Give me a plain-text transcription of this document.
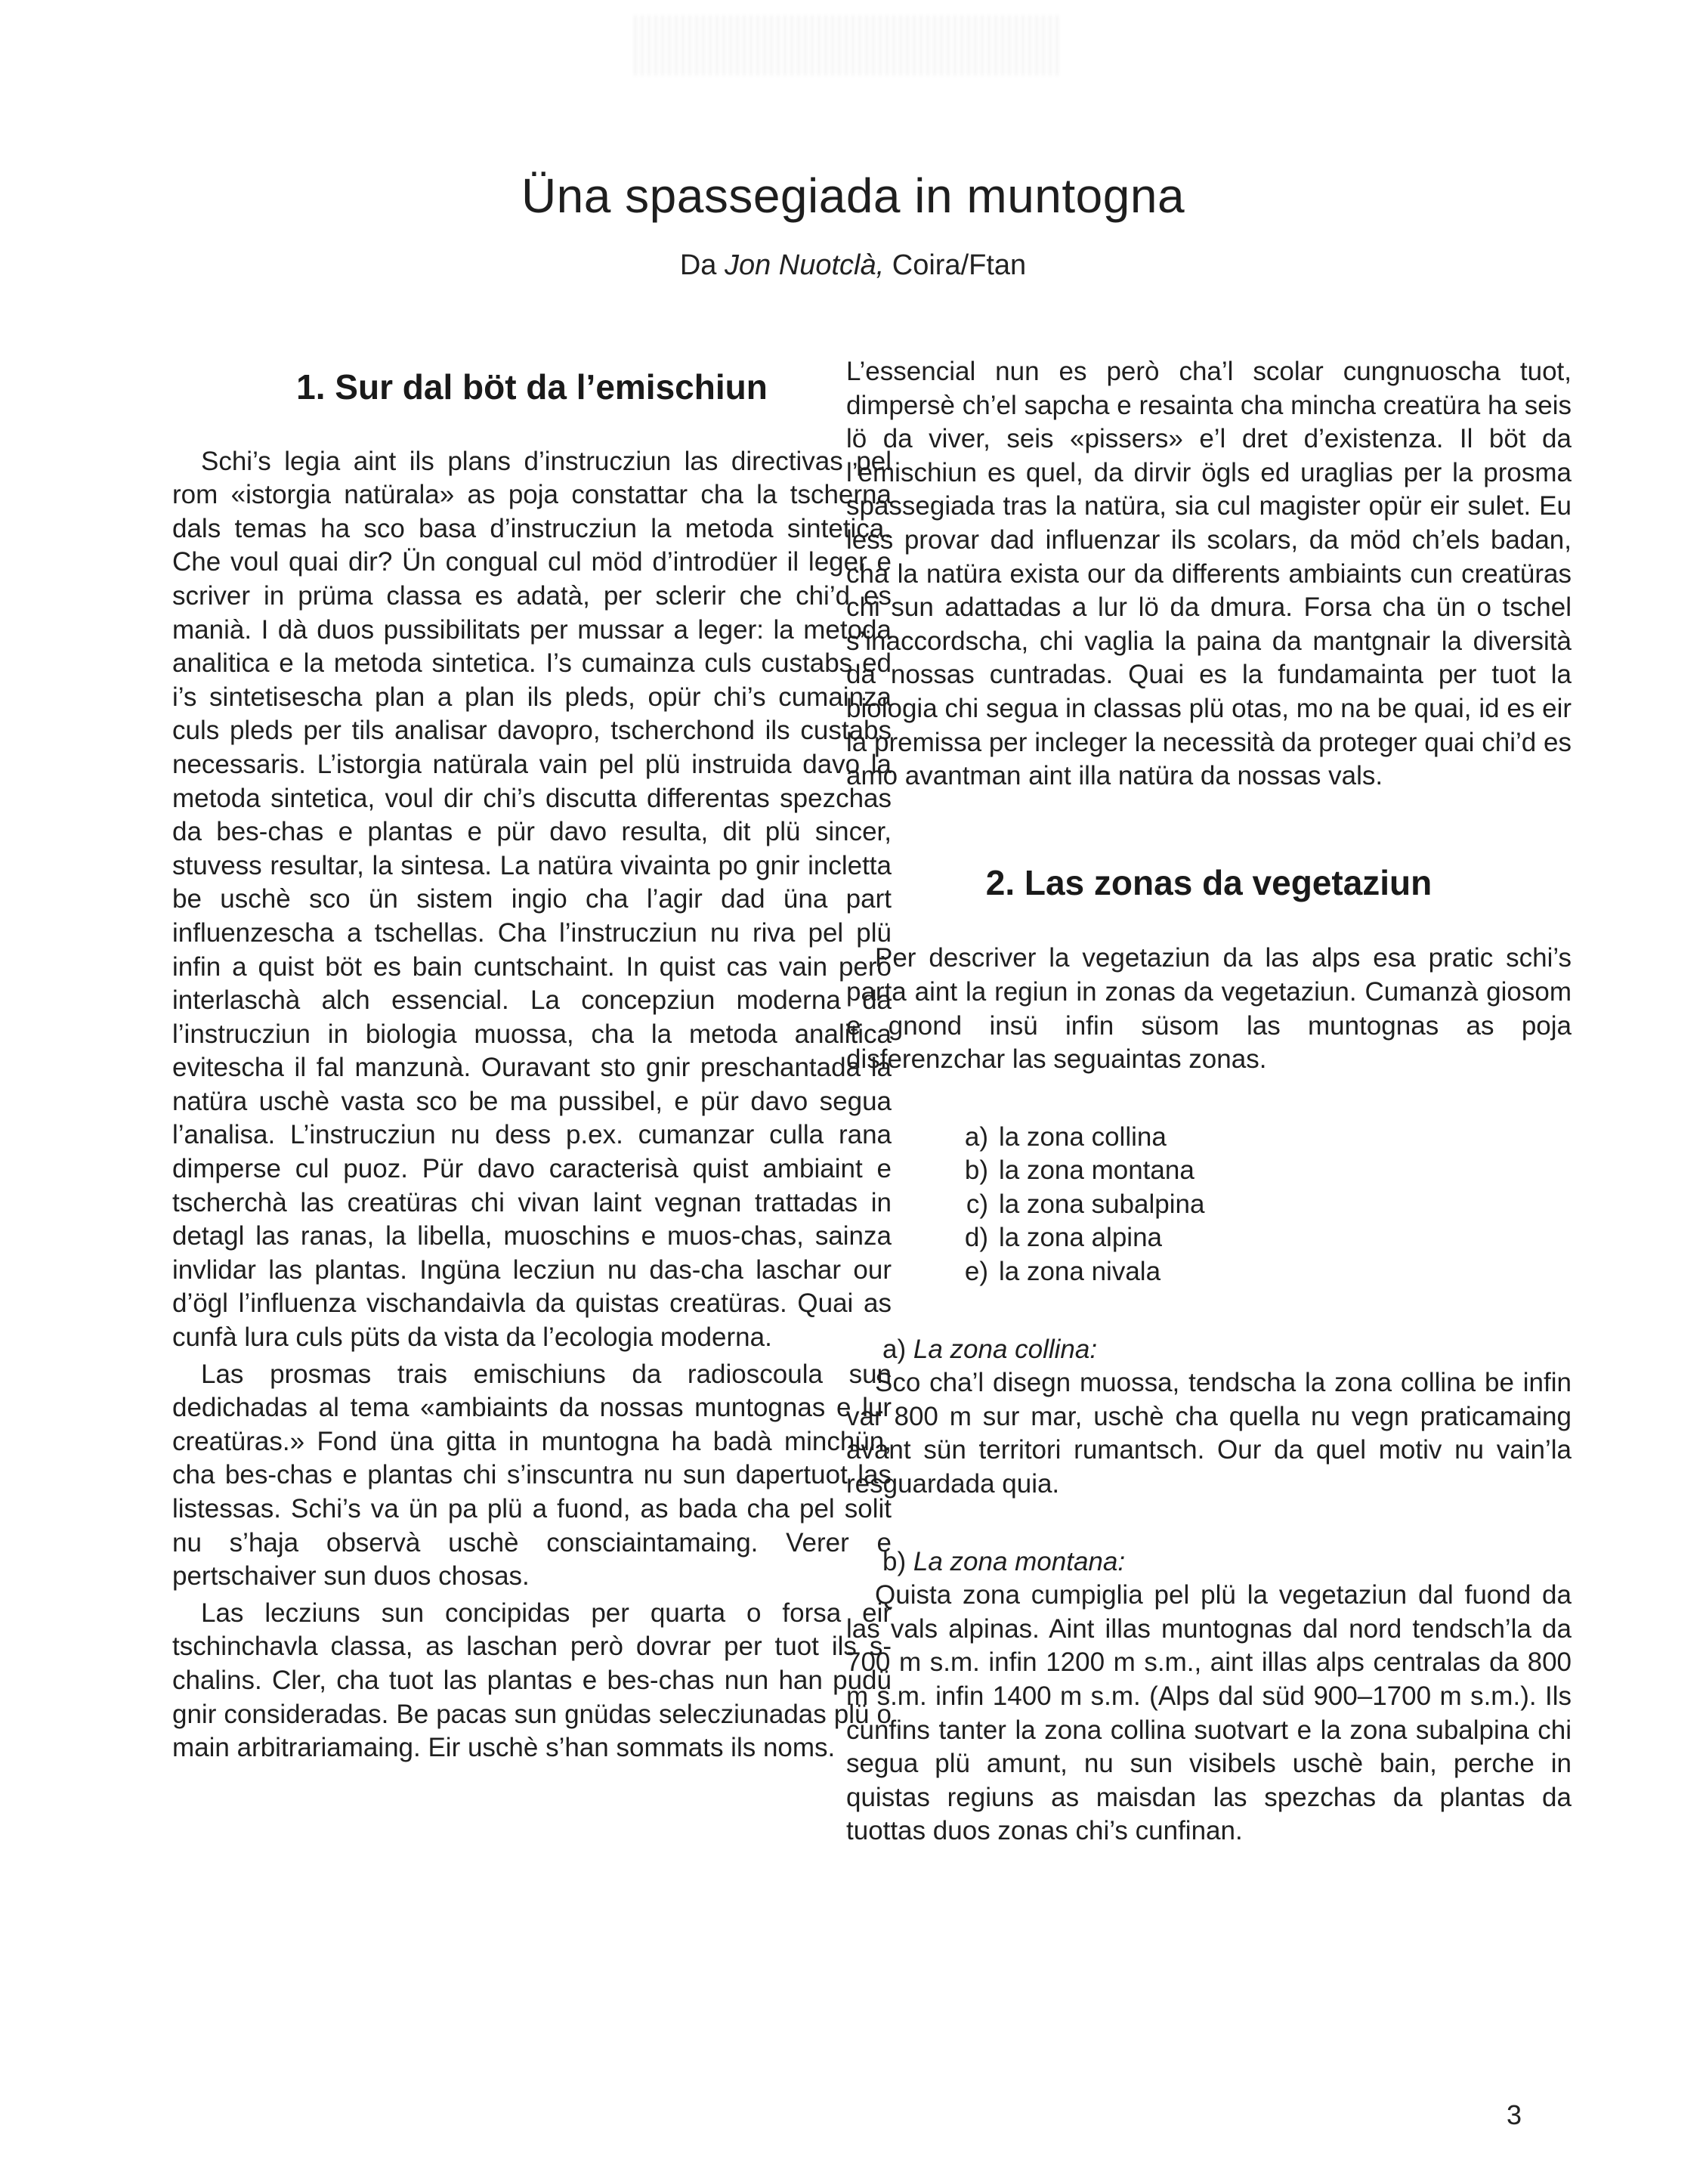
Üna spassegiada in muntogna
Da Jon Nuotclà, Coira/Ftan
1. Sur dal böt da l’emischiun

Schi’s legia aint ils plans d’instrucziun las directivas pel rom «istorgia natürala» as poja constattar cha la tscherna dals temas ha sco basa d’instrucziun la metoda sintetica. Che voul quai dir? Ün congual cul möd d’introdüer il leger e scriver in prüma classa es adatà, per sclerir che chi’d es manià. I dà duos pussibilitats per mussar a leger: la metoda analitica e la metoda sintetica. I’s cumainza culs custabs ed i’s sintetisescha plan a plan ils pleds, opür chi’s cumainza culs pleds per tils analisar davopro, tscherchond ils custabs necessaris. L’istorgia natürala vain pel plü instruida davo la metoda sintetica, voul dir chi’s discutta differentas spezchas da bes-chas e plantas e pür davo resulta, dit plü sincer, stuvess resultar, la sintesa. La natüra vivainta po gnir incletta be uschè sco ün sistem ingio cha l’agir dad üna part influenzescha a tschellas. Cha l’instrucziun nu riva pel plü infin a quist böt es bain cuntschaint. In quist cas vain però interlaschà alch essencial. La concepziun moderna da l’instrucziun in biologia muossa, cha la metoda analitica evitescha il fal manzunà. Ouravant sto gnir preschantada la natüra uschè vasta sco be ma pussibel, e pür davo segua l’analisa. L’instrucziun nu dess p.ex. cumanzar culla rana dimperse cul puoz. Pür davo caracterisà quist ambiaint e tscherchà las creatüras chi vivan laint vegnan trattadas in detagl las ranas, la libella, muoschins e muos-chas, sainza invlidar las plantas. Ingüna lecziun nu das-cha laschar our d’ögl l’influenza vischandaivla da quistas creatüras. Quai as cunfà lura culs püts da vista da l’ecologia moderna.

Las prosmas trais emischiuns da radioscoula sun dedichadas al tema «ambiaints da nossas muntognas e lur creatüras.» Fond üna gitta in muntogna ha badà minchün, cha bes-chas e plantas chi s’inscuntra nu sun dapertuot las listessas. Schi’s va ün pa plü a fuond, as bada cha pel solit nu s’haja observà uschè consciaintamaing. Verer e pertschaiver sun duos chosas.

Las lecziuns sun concipidas per quarta o forsa eir tschinchavla classa, as laschan però dovrar per tuot ils s-chalins. Cler, cha tuot las plantas e bes-chas nun han pudü gnir consideradas. Be pacas sun gnüdas selecziunadas plü o main arbitrariamaing. Eir uschè s’han sommats ils noms.

L’essencial nun es però cha’l scolar cungnuoscha tuot, dimpersè ch’el sapcha e resainta cha mincha creatüra ha seis lö da viver, seis «pissers» e’l dret d’existenza. Il böt da l’emischiun es quel, da dirvir ögls ed uraglias per la prosma spassegiada tras la natüra, sia cul magister opür eir sulet. Eu less provar dad influenzar ils scolars, da möd ch’els badan, cha la natüra exista our da differents ambiaints cun creatüras chi sun adattadas a lur lö da dmura. Forsa cha ün o tschel s’inaccordscha, chi vaglia la paina da mantgnair la diversità da nossas cuntradas. Quai es la fundamainta per tuot la biologia chi segua in classas plü otas, mo na be quai, id es eir la premissa per incleger la necessità da proteger quai chi’d es amo avantman aint illa natüra da nossas vals.

2. Las zonas da vegetaziun

Per descriver la vegetaziun da las alps esa pratic schi’s parta aint la regiun in zonas da vegetaziun. Cumanzà giosom e gnond insü infin süsom las muntognas as poja disferenzchar las seguaintas zonas.

a) la zona collina
b) la zona montana
c) la zona subalpina
d) la zona alpina
e) la zona nivala

a) La zona collina:

Sco cha’l disegn muossa, tendscha la zona collina be infin var 800 m sur mar, uschè cha quella nu vegn praticamaing avant sün territori rumantsch. Our da quel motiv nu vain’la resguardada quia.

b) La zona montana:

Quista zona cumpiglia pel plü la vegetaziun dal fuond da las vals alpinas. Aint illas muntognas dal nord tendsch’la da 700 m s.m. infin 1200 m s.m., aint illas alps centralas da 800 m s.m. infin 1400 m s.m. (Alps dal süd 900–1700 m s.m.). Ils cunfins tanter la zona collina suotvart e la zona subalpina chi segua plü amunt, nu sun visibels uschè bain, perche in quistas regiuns as maisdan las spezchas da plantas da tuottas duos zonas chi’s cunfinan.

3
